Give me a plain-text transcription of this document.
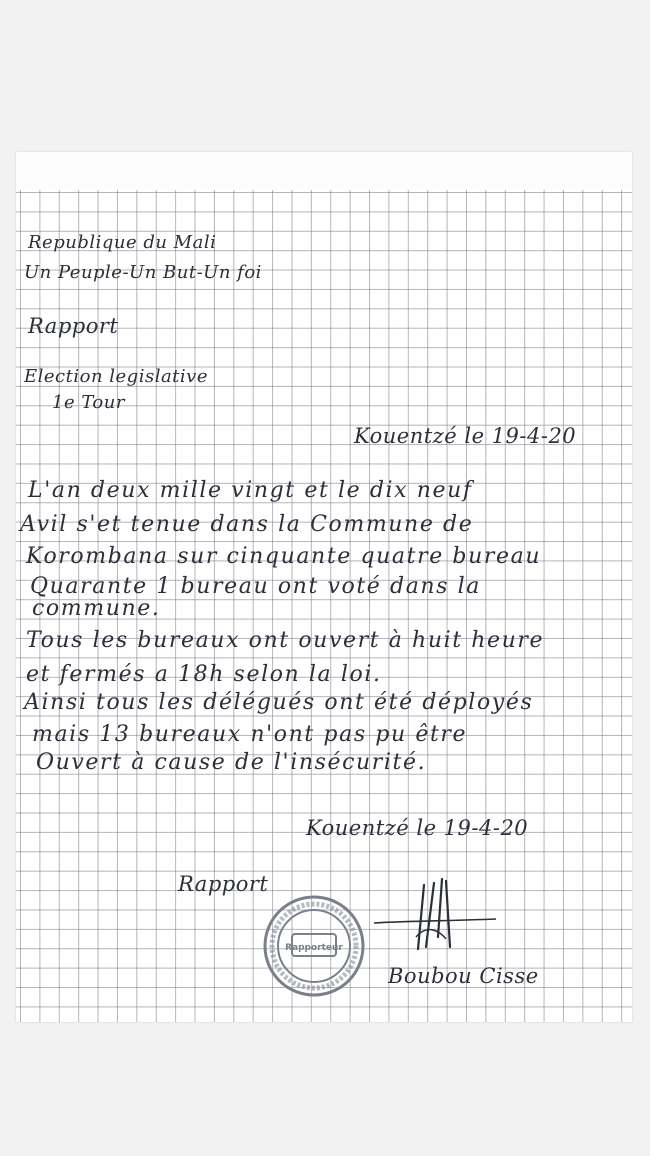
Republique du Mali
Un Peuple-Un But-Un foi
Rapport
Election legislative
1e Tour
Kouentzé le 19-4-20
L'an deux mille vingt et le dix neuf
Avil s'et tenue dans la Commune de
Korombana sur cinquante quatre bureau
Quarante 1 bureau ont voté dans la
commune.
Tous les bureaux ont ouvert à huit heure
et fermés a 18h selon la loi.
Ainsi tous les délégués ont été déployés
mais 13 bureaux n'ont pas pu être
Ouvert à cause de l'insécurité.
Kouentzé le 19-4-20
Rapport
Rapporteur
Boubou Cisse
